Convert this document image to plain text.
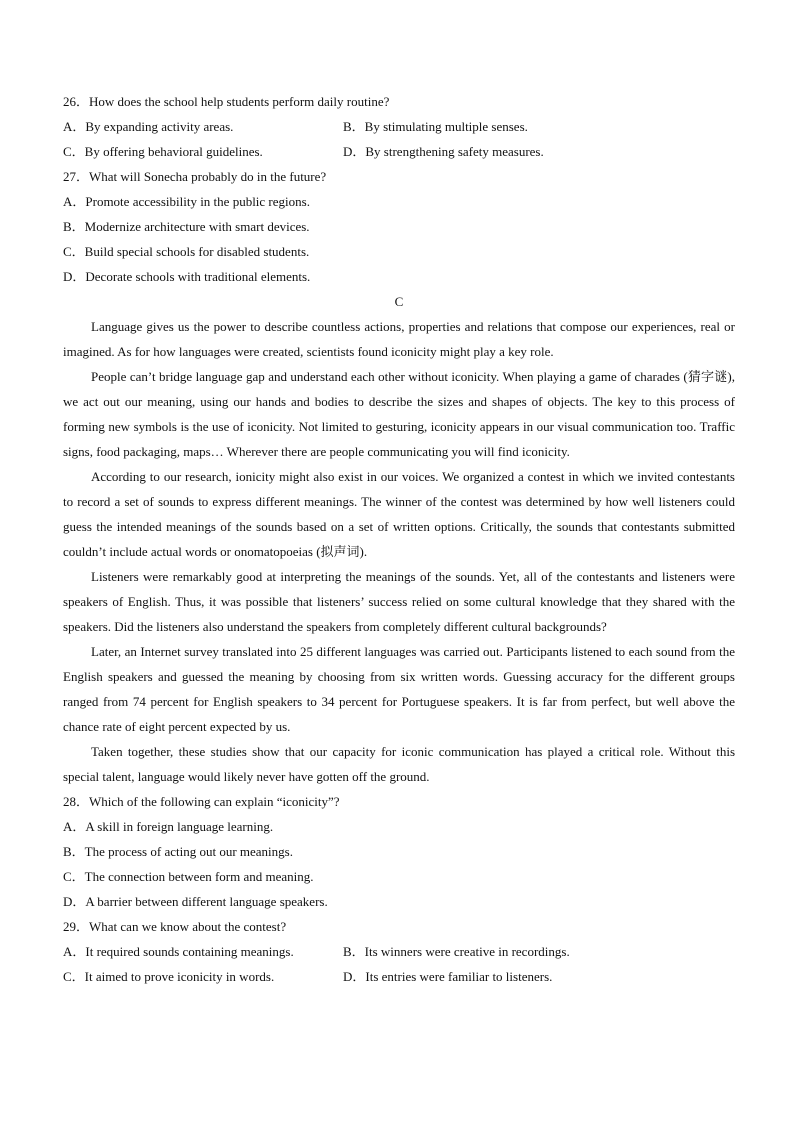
26．How does the school help students perform daily routine?
A．By expanding activity areas.	B．By stimulating multiple senses.
C．By offering behavioral guidelines.	D．By strengthening safety measures.
27．What will Sonecha probably do in the future?
A．Promote accessibility in the public regions.
B．Modernize architecture with smart devices.
C．Build special schools for disabled students.
D．Decorate schools with traditional elements.
C
Language gives us the power to describe countless actions, properties and relations that compose our experiences, real or imagined. As for how languages were created, scientists found iconicity might play a key role.
People can’t bridge language gap and understand each other without iconicity. When playing a game of charades (猜字谜), we act out our meaning, using our hands and bodies to describe the sizes and shapes of objects. The key to this process of forming new symbols is the use of iconicity. Not limited to gesturing, iconicity appears in our visual communication too. Traffic signs, food packaging, maps… Wherever there are people communicating you will find iconicity.
According to our research, ionicity might also exist in our voices. We organized a contest in which we invited contestants to record a set of sounds to express different meanings. The winner of the contest was determined by how well listeners could guess the intended meanings of the sounds based on a set of written options. Critically, the sounds that contestants submitted couldn’t include actual words or onomatopoeias (拟声词).
Listeners were remarkably good at interpreting the meanings of the sounds. Yet, all of the contestants and listeners were speakers of English. Thus, it was possible that listeners’ success relied on some cultural knowledge that they shared with the speakers. Did the listeners also understand the speakers from completely different cultural backgrounds?
Later, an Internet survey translated into 25 different languages was carried out. Participants listened to each sound from the English speakers and guessed the meaning by choosing from six written words. Guessing accuracy for the different groups ranged from 74 percent for English speakers to 34 percent for Portuguese speakers. It is far from perfect, but well above the chance rate of eight percent expected by us.
Taken together, these studies show that our capacity for iconic communication has played a critical role. Without this special talent, language would likely never have gotten off the ground.
28．Which of the following can explain “iconicity”?
A．A skill in foreign language learning.
B．The process of acting out our meanings.
C．The connection between form and meaning.
D．A barrier between different language speakers.
29．What can we know about the contest?
A．It required sounds containing meanings.	B．Its winners were creative in recordings.
C．It aimed to prove iconicity in words.	D．Its entries were familiar to listeners.
